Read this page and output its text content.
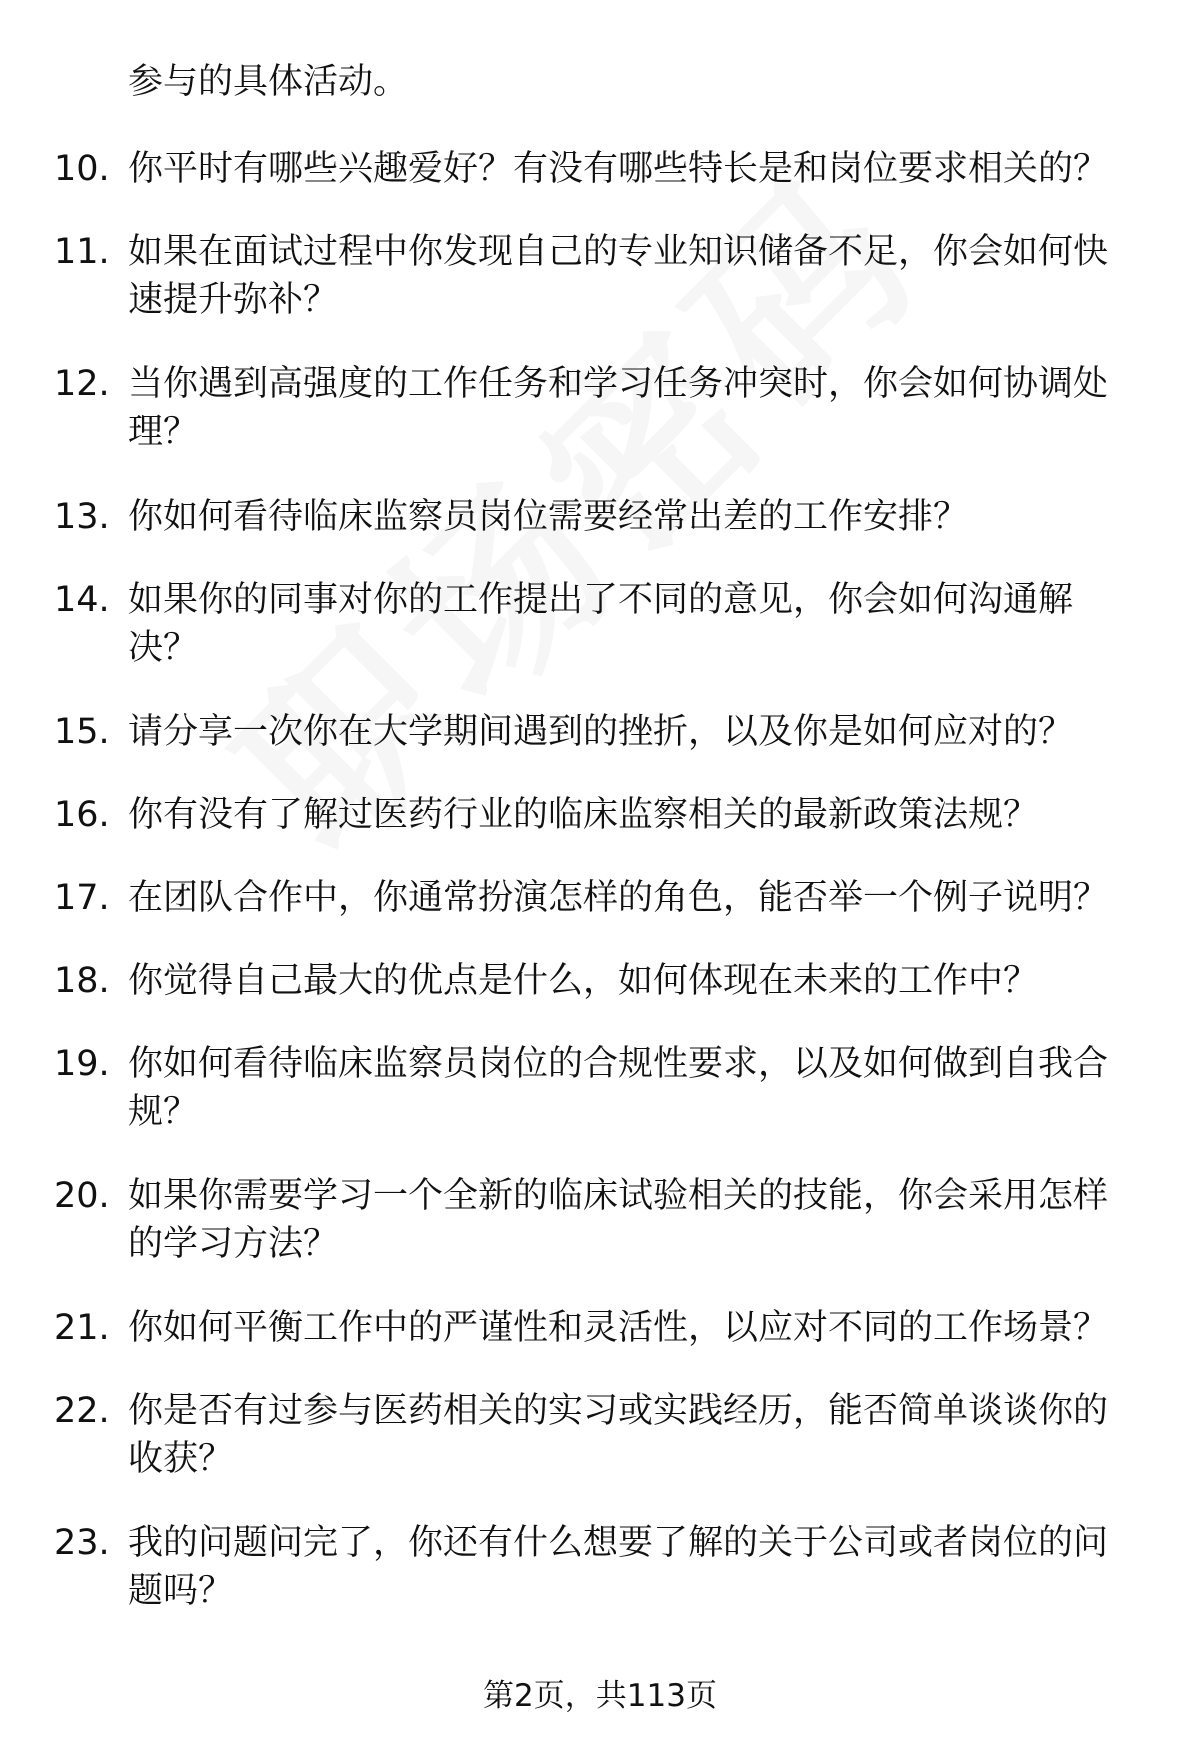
参与的具体活动。
10. 你平时有哪些兴趣爱好？有没有哪些特长是和岗位要求相关的？
11. 如果在面试过程中你发现自己的专业知识储备不足，你会如何快速提升弥补？
12. 当你遇到高强度的工作任务和学习任务冲突时，你会如何协调处理？
13. 你如何看待临床监察员岗位需要经常出差的工作安排？
14. 如果你的同事对你的工作提出了不同的意见，你会如何沟通解决？
15. 请分享一次你在大学期间遇到的挫折，以及你是如何应对的？
16. 你有没有了解过医药行业的临床监察相关的最新政策法规？
17. 在团队合作中，你通常扮演怎样的角色，能否举一个例子说明？
18. 你觉得自己最大的优点是什么，如何体现在未来的工作中？
19. 你如何看待临床监察员岗位的合规性要求，以及如何做到自我合规？
20. 如果你需要学习一个全新的临床试验相关的技能，你会采用怎样的学习方法？
21. 你如何平衡工作中的严谨性和灵活性，以应对不同的工作场景？
22. 你是否有过参与医药相关的实习或实践经历，能否简单谈谈你的收获？
23. 我的问题问完了，你还有什么想要了解的关于公司或者岗位的问题吗？
第2页，共113页
